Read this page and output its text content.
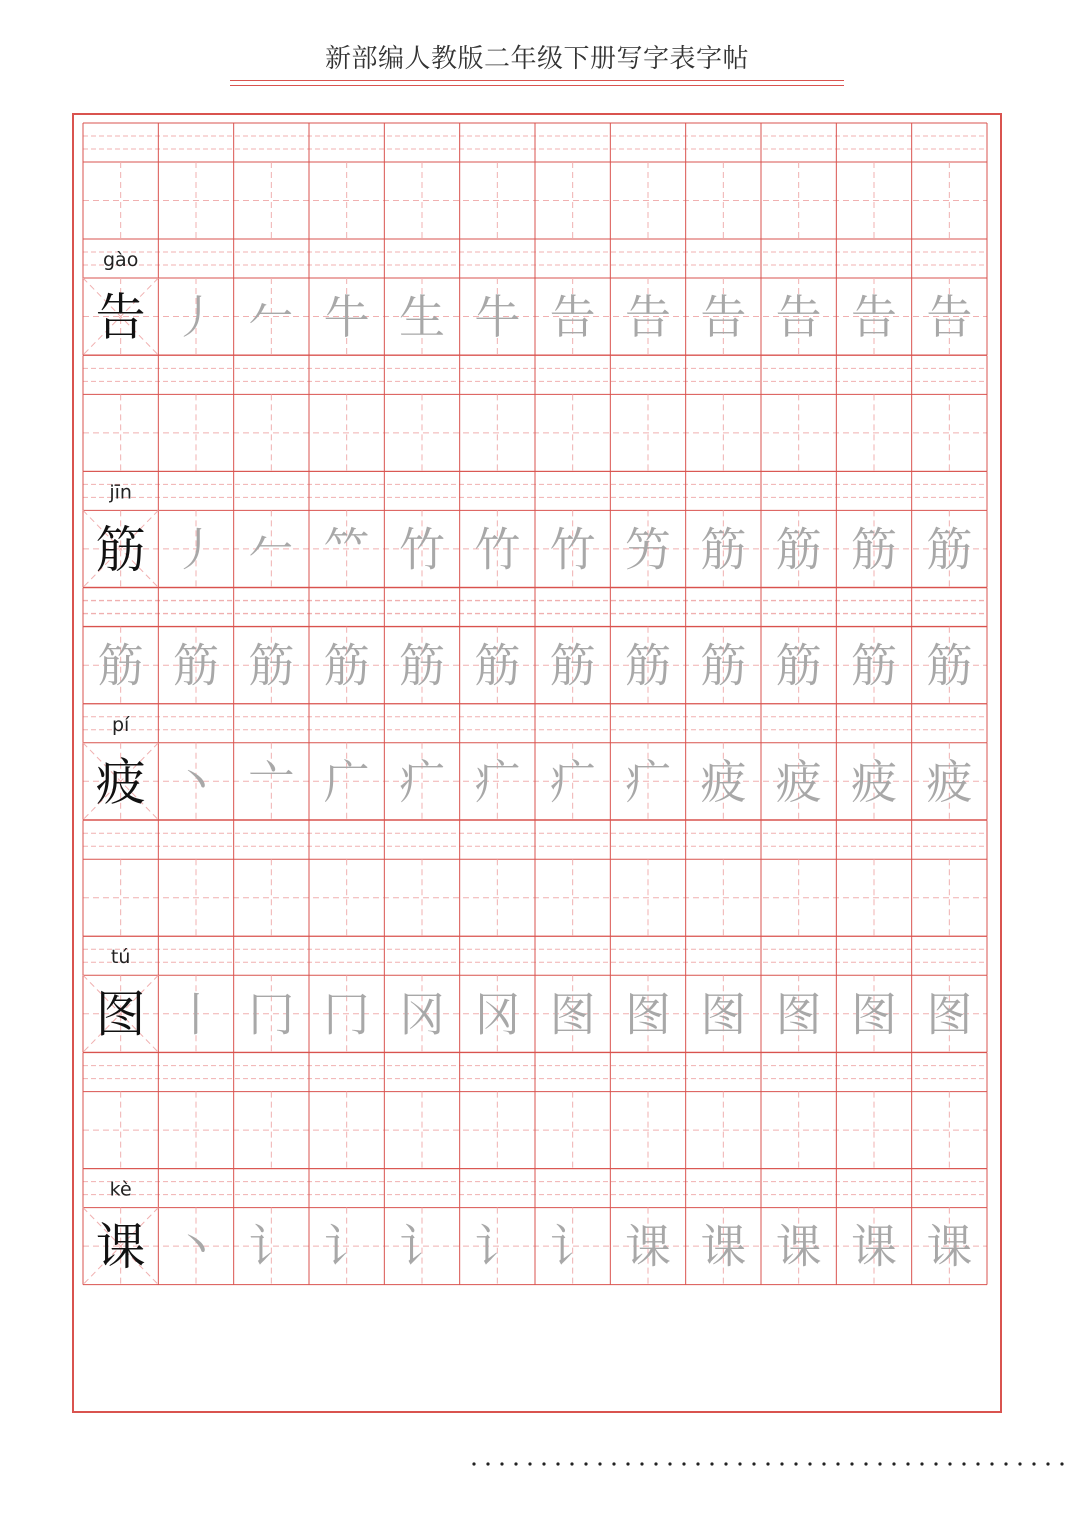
新部编人教版二年级下册写字表字帖
gào
告 丿 𠂉 牛 生 牛 告 告 告 告 告 告
jīn
筋 丿 𠂉 𥫗 竹 竹 竹 竻 筋 筋 筋 筋
pí
疲 丶 亠 广 疒 疒 疒 疒 疲 疲 疲 疲
tú
图 丨 冂 冂 冈 冈 图 图 图 图 图 图
kè
课 丶 讠 讠 讠 讠 讠 课 课 课 课 课
筋 筋 筋 筋 筋 筋 筋 筋 筋 筋 筋 筋
